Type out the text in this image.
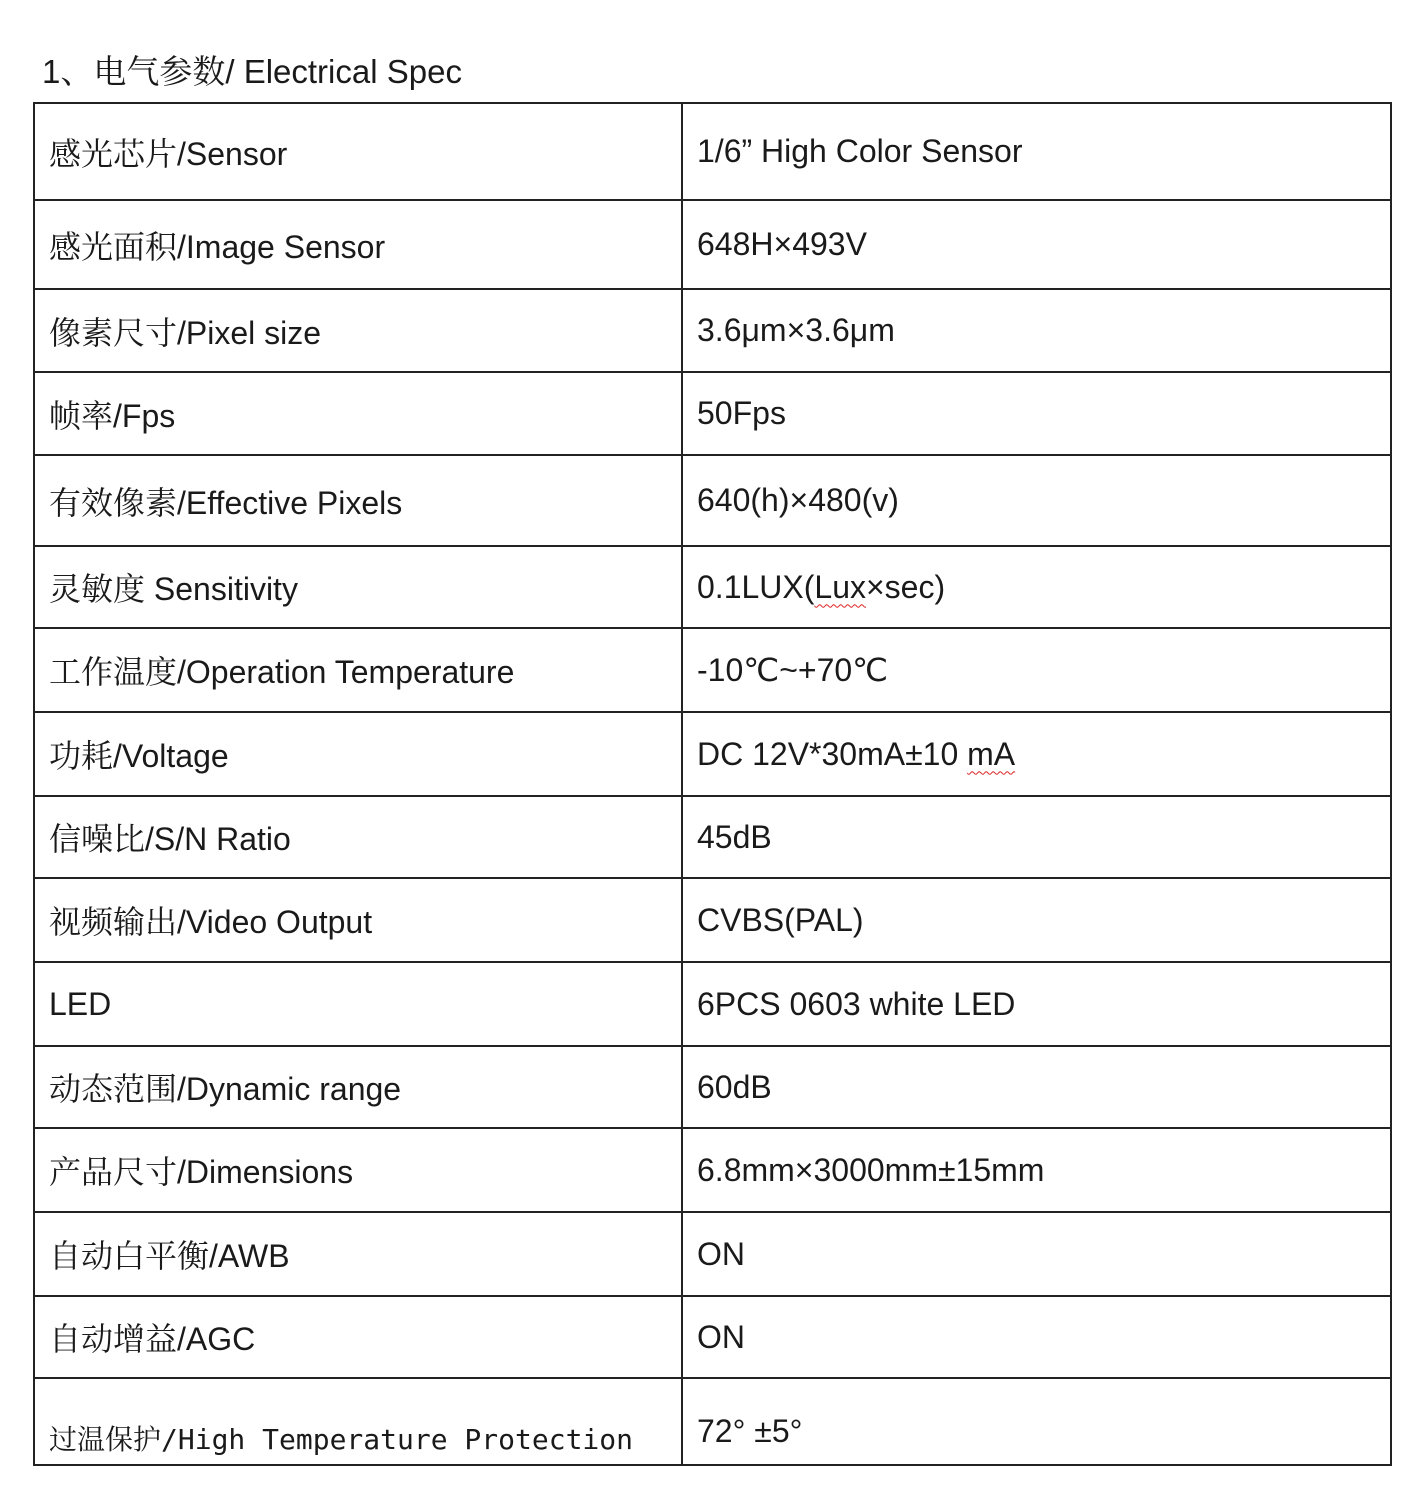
1、电气参数/ Electrical Spec
感光芯片/Sensor	1/6” High Color Sensor
感光面积/Image Sensor	648H×493V
像素尺寸/Pixel size	3.6μm×3.6μm
帧率/Fps	50Fps
有效像素/Effective Pixels	640(h)×480(v)
灵敏度 Sensitivity	0.1LUX(Lux×sec)
工作温度/Operation Temperature	-10℃~+70℃
功耗/Voltage	DC 12V*30mA±10 mA
信噪比/S/N Ratio	45dB
视频输出/Video Output	CVBS(PAL)
LED	6PCS 0603 white LED
动态范围/Dynamic range	60dB
产品尺寸/Dimensions	6.8mm×3000mm±15mm
自动白平衡/AWB	ON
自动增益/AGC	ON
过温保护/High Temperature Protection	72° ±5°
